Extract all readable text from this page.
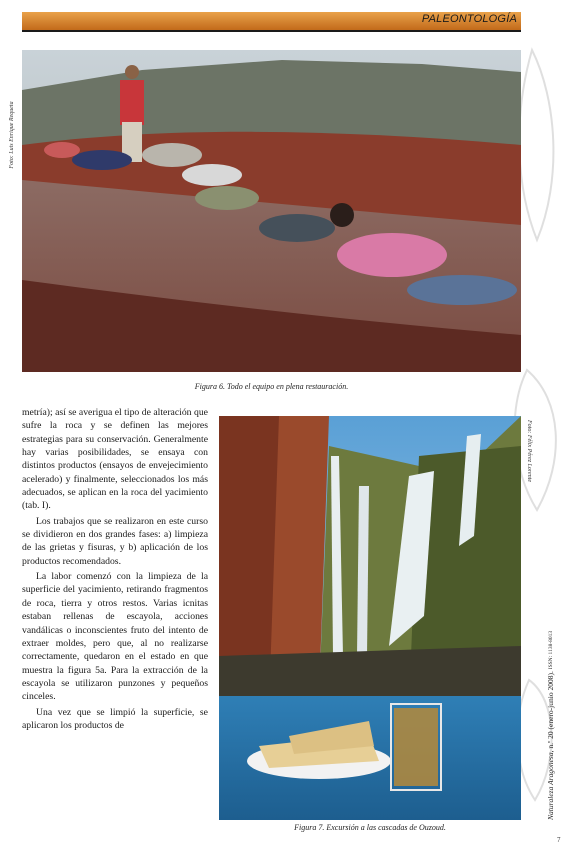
PALEONTOLOGÍA
Foto: Luis Enrique Requeta
Figura 6. Todo el equipo en plena restauración.

metría); así se averigua el tipo de alteración que sufre la roca y se definen las mejores estrategias para su conservación. Generalmente hay varias posibilidades, se ensaya con distintos productos (ensayos de envejecimiento acelerado) y finalmente, seleccionados los más adecuados, se aplican en la roca del yacimiento (tab. I).

Los trabajos que se realizaron en este curso se dividieron en dos grandes fases: a) limpieza de las grietas y fisuras, y b) aplicación de los productos recomendados.

La labor comenzó con la limpieza de la superficie del yacimiento, retirando fragmentos de roca, tierra y otros restos. Varias icnitas estaban rellenas de escayola, acciones vandálicas o inconscientes fruto del intento de extraer moldes, pero que, al no realizarse correctamente, quedaron en el estado en que muestra la figura 5a. Para la extracción de la escayola se utilizaron punzones y pequeños cinceles.

Una vez que se limpió la superficie, se aplicaron los productos de

Foto: Félix Pérez Lorente
Figura 7. Excursión a las cascadas de Ouzoud.
Naturaleza Aragonesa, n.º 20 (enero-junio 2008). ISSN: 1138-8013
7
